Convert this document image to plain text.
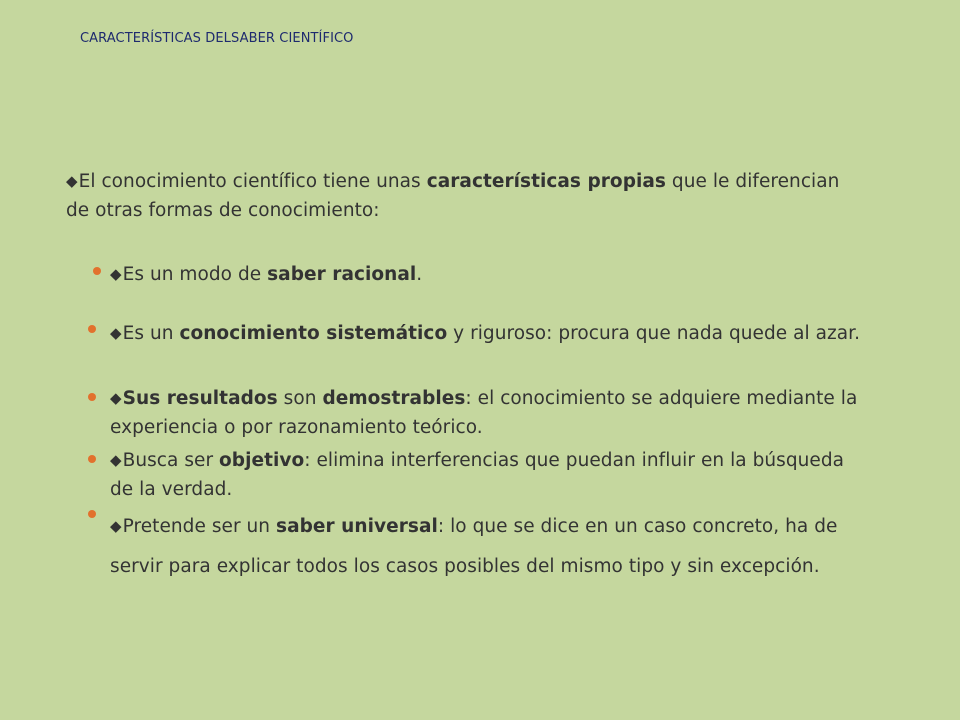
CARACTERÍSTICAS DELSABER CIENTÍFICO
◆El conocimiento científico tiene unas características propias que le diferencian
de otras formas de conocimiento:
◆Es un modo de saber racional.
◆Es un conocimiento sistemático y riguroso: procura que nada quede al azar.
◆Sus resultados son demostrables: el conocimiento se adquiere mediante la
experiencia o por razonamiento teórico.
◆Busca ser objetivo: elimina interferencias que puedan influir en la búsqueda
de la verdad.
◆Pretende ser un saber universal: lo que se dice en un caso concreto, ha de
servir para explicar todos los casos posibles del mismo tipo y sin excepción.
